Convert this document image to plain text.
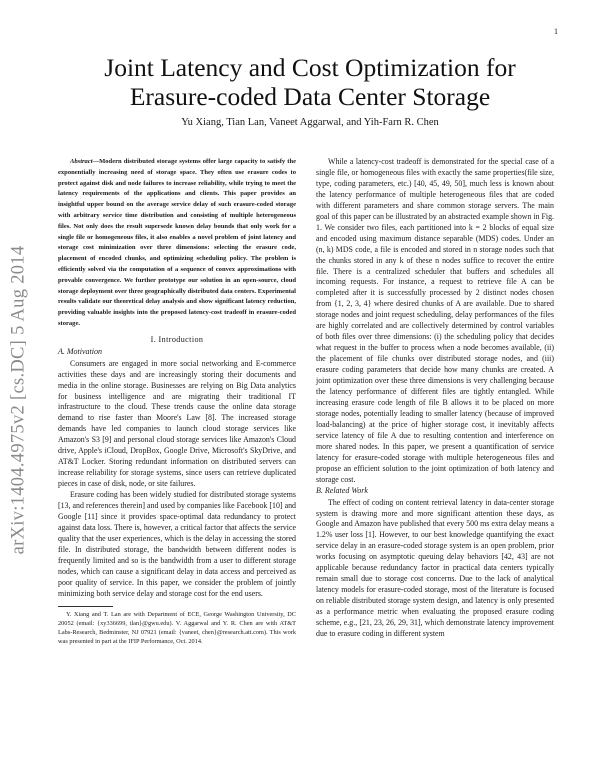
1
arXiv:1404.4975v2 [cs.DC] 5 Aug 2014
Joint Latency and Cost Optimization for
Erasure-coded Data Center Storage
Yu Xiang, Tian Lan, Vaneet Aggarwal, and Yih-Farn R. Chen

Abstract—Modern distributed storage systems offer large capacity to satisfy the exponentially increasing need of storage space. They often use erasure codes to protect against disk and node failures to increase reliability, while trying to meet the latency requirements of the applications and clients. This paper provides an insightful upper bound on the average service delay of such erasure-coded storage with arbitrary service time distribution and consisting of multiple heterogeneous files. Not only does the result supersede known delay bounds that only work for a single file or homogeneous files, it also enables a novel problem of joint latency and storage cost minimization over three dimensions: selecting the erasure code, placement of encoded chunks, and optimizing scheduling policy. The problem is efficiently solved via the computation of a sequence of convex approximations with provable convergence. We further prototype our solution in an open-source, cloud storage deployment over three geographically distributed data centers. Experimental results validate our theoretical delay analysis and show significant latency reduction, providing valuable insights into the proposed latency-cost tradeoff in erasure-coded storage.

I. Introduction

A. Motivation

Consumers are engaged in more social networking and E-commerce activities these days and are increasingly storing their documents and media in the online storage. Businesses are relying on Big Data analytics for business intelligence and are migrating their traditional IT infrastructure to the cloud. These trends cause the online data storage demand to rise faster than Moore's Law [8]. The increased storage demands have led companies to launch cloud storage services like Amazon's S3 [9] and personal cloud storage services like Amazon's Cloud drive, Apple's iCloud, DropBox, Google Drive, Microsoft's SkyDrive, and AT&T Locker. Storing redundant information on distributed servers can increase reliability for storage systems, since users can retrieve duplicated pieces in case of disk, node, or site failures.

Erasure coding has been widely studied for distributed storage systems [13, and references therein] and used by companies like Facebook [10] and Google [11] since it provides space-optimal data redundancy to protect against data loss. There is, however, a critical factor that affects the service quality that the user experiences, which is the delay in accessing the stored file. In distributed storage, the bandwidth between different nodes is frequently limited and so is the bandwidth from a user to different storage nodes, which can cause a significant delay in data access and perceived as poor quality of service. In this paper, we consider the problem of jointly minimizing both service delay and storage cost for the end users.

Y. Xiang and T. Lan are with Department of ECE, George Washington University, DC 20052 (email: {xy336699, tlan}@gwu.edu). V. Aggarwal and Y. R. Chen are with AT&T Labs-Research, Bedminster, NJ 07921 (email: {vaneet, chen}@research.att.com). This work was presented in part at the IFIP Performance, Oct. 2014.

While a latency-cost tradeoff is demonstrated for the special case of a single file, or homogeneous files with exactly the same properties(file size, type, coding parameters, etc.) [40, 45, 49, 50], much less is known about the latency performance of multiple heterogeneous files that are coded with different parameters and share common storage servers. The main goal of this paper can be illustrated by an abstracted example shown in Fig. 1. We consider two files, each partitioned into k = 2 blocks of equal size and encoded using maximum distance separable (MDS) codes. Under an (n, k) MDS code, a file is encoded and stored in n storage nodes such that the chunks stored in any k of these n nodes suffice to recover the entire file. There is a centralized scheduler that buffers and schedules all incoming requests. For instance, a request to retrieve file A can be completed after it is successfully processed by 2 distinct nodes chosen from {1, 2, 3, 4} where desired chunks of A are available. Due to shared storage nodes and joint request scheduling, delay performances of the files are highly correlated and are collectively determined by control variables of both files over three dimensions: (i) the scheduling policy that decides what request in the buffer to process when a node becomes available, (ii) the placement of file chunks over distributed storage nodes, and (iii) erasure coding parameters that decide how many chunks are created. A joint optimization over these three dimensions is very challenging because the latency performance of different files are tightly entangled. While increasing erasure code length of file B allows it to be placed on more storage nodes, potentially leading to smaller latency (because of improved load-balancing) at the price of higher storage cost, it inevitably affects service latency of file A due to resulting contention and interference on more shared nodes. In this paper, we present a quantification of service latency for erasure-coded storage with multiple heterogeneous files and propose an efficient solution to the joint optimization of both latency and storage cost.

B. Related Work

The effect of coding on content retrieval latency in data-center storage system is drawing more and more significant attention these days, as Google and Amazon have published that every 500 ms extra delay means a 1.2% user loss [1]. However, to our best knowledge quantifying the exact service delay in an erasure-coded storage system is an open problem, prior works focusing on asymptotic queuing delay behaviors [42, 43] are not applicable because redundancy factor in practical data centers typically remain small due to storage cost concerns. Due to the lack of analytical latency models for erasure-coded storage, most of the literature is focused on reliable distributed storage system design, and latency is only presented as a performance metric when evaluating the proposed erasure coding scheme, e.g., [21, 23, 26, 29, 31], which demonstrate latency improvement due to erasure coding in different system
